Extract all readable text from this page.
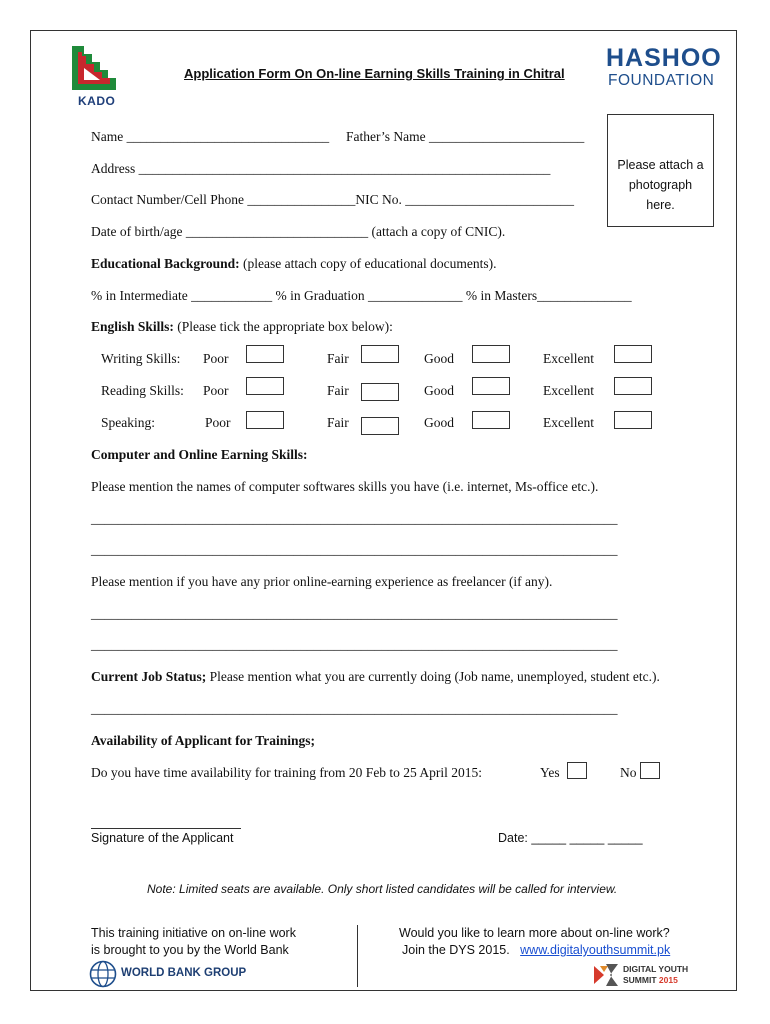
KADO
HASHOO
FOUNDATION
Application Form On On-line Earning Skills Training in Chitral
Please attach a
photograph
here.
Name ______________________________ Father’s Name _______________________
Address _____________________________________________________________
Contact Number/Cell Phone ________________NIC No. _________________________
Date of birth/age ___________________________ (attach a copy of CNIC).
Educational Background: (please attach copy of educational documents).
% in Intermediate ____________ % in Graduation ______________ % in Masters______________
English Skills: (Please tick the appropriate box below):
Writing Skills: Poor	Fair	Good	Excellent
Reading Skills: Poor	Fair	Good	Excellent
Speaking:	Poor	Fair	Good	Excellent
Computer and Online Earning Skills:
Please mention the names of computer softwares skills you have (i.e. internet, Ms-office etc.).
______________________________________________________________________________
______________________________________________________________________________
Please mention if you have any prior online-earning experience as freelancer (if any).
______________________________________________________________________________
______________________________________________________________________________
Current Job Status; Please mention what you are currently doing (Job name, unemployed, student etc.).
______________________________________________________________________________
Availability of Applicant for Trainings;
Do you have time availability for training from 20 Feb to 25 April 2015:	Yes	No
Signature of the Applicant	Date: _____ _____ _____
Note: Limited seats are available. Only short listed candidates will be called for interview.
This training initiative on on-line work
is brought to you by the World Bank
WORLD BANK GROUP
Would you like to learn more about on-line work?
Join the DYS 2015. www.digitalyouthsummit.pk
DIGITAL YOUTH
SUMMIT 2015
